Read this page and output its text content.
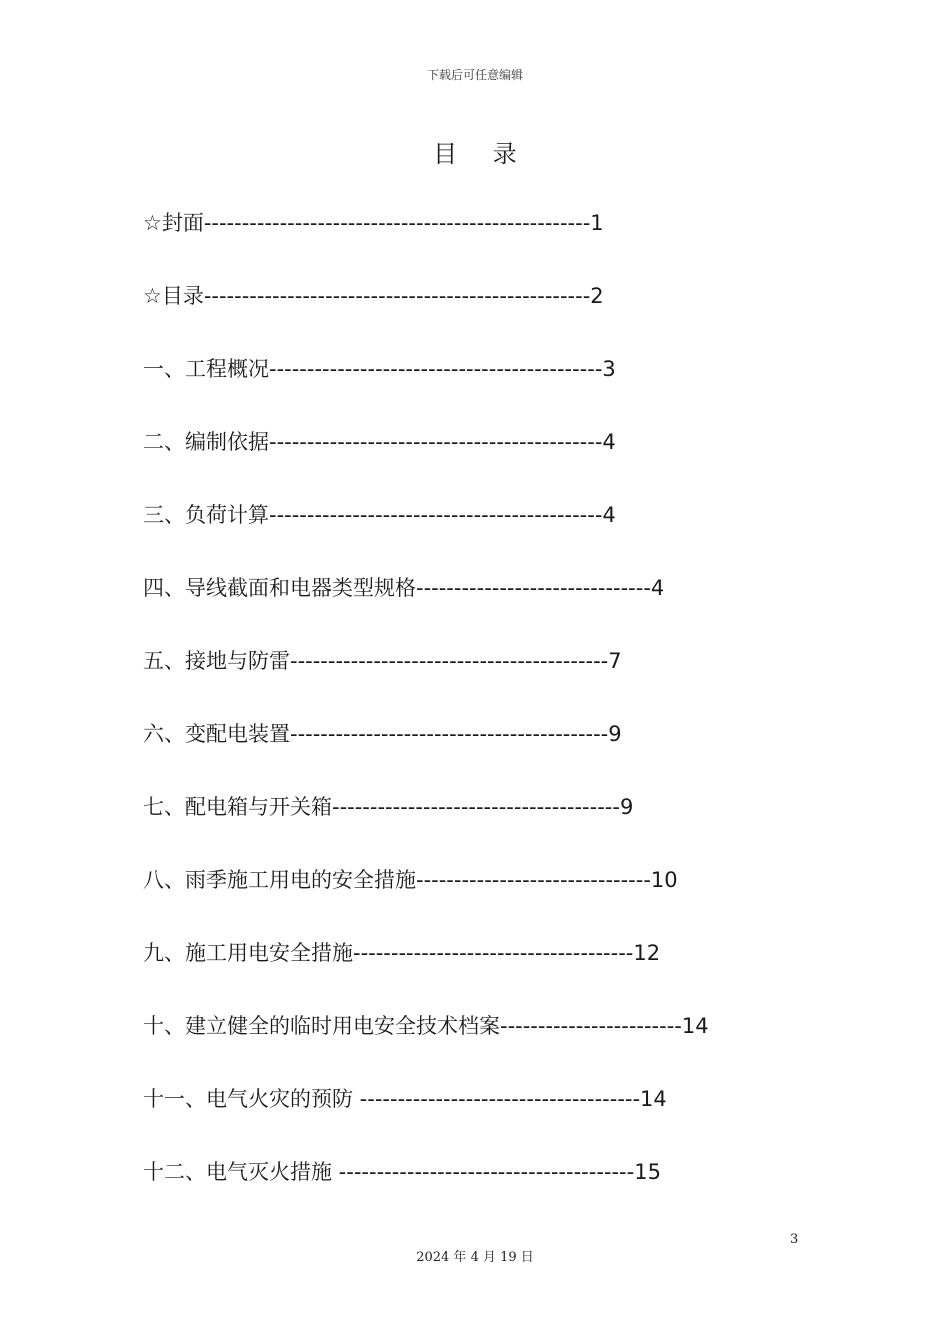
下载后可任意编辑
目 录
☆封面---------------------------------------------------1
☆目录---------------------------------------------------2
一、工程概况--------------------------------------------3
二、编制依据--------------------------------------------4
三、负荷计算--------------------------------------------4
四、导线截面和电器类型规格-------------------------------4
五、接地与防雷------------------------------------------7
六、变配电装置------------------------------------------9
七、配电箱与开关箱--------------------------------------9
八、雨季施工用电的安全措施-------------------------------10
九、施工用电安全措施-------------------------------------12
十、建立健全的临时用电安全技术档案------------------------14
十一、电气火灾的预防 -------------------------------------14
十二、电气灭火措施 ---------------------------------------15
3
2024 年 4 月 19 日
